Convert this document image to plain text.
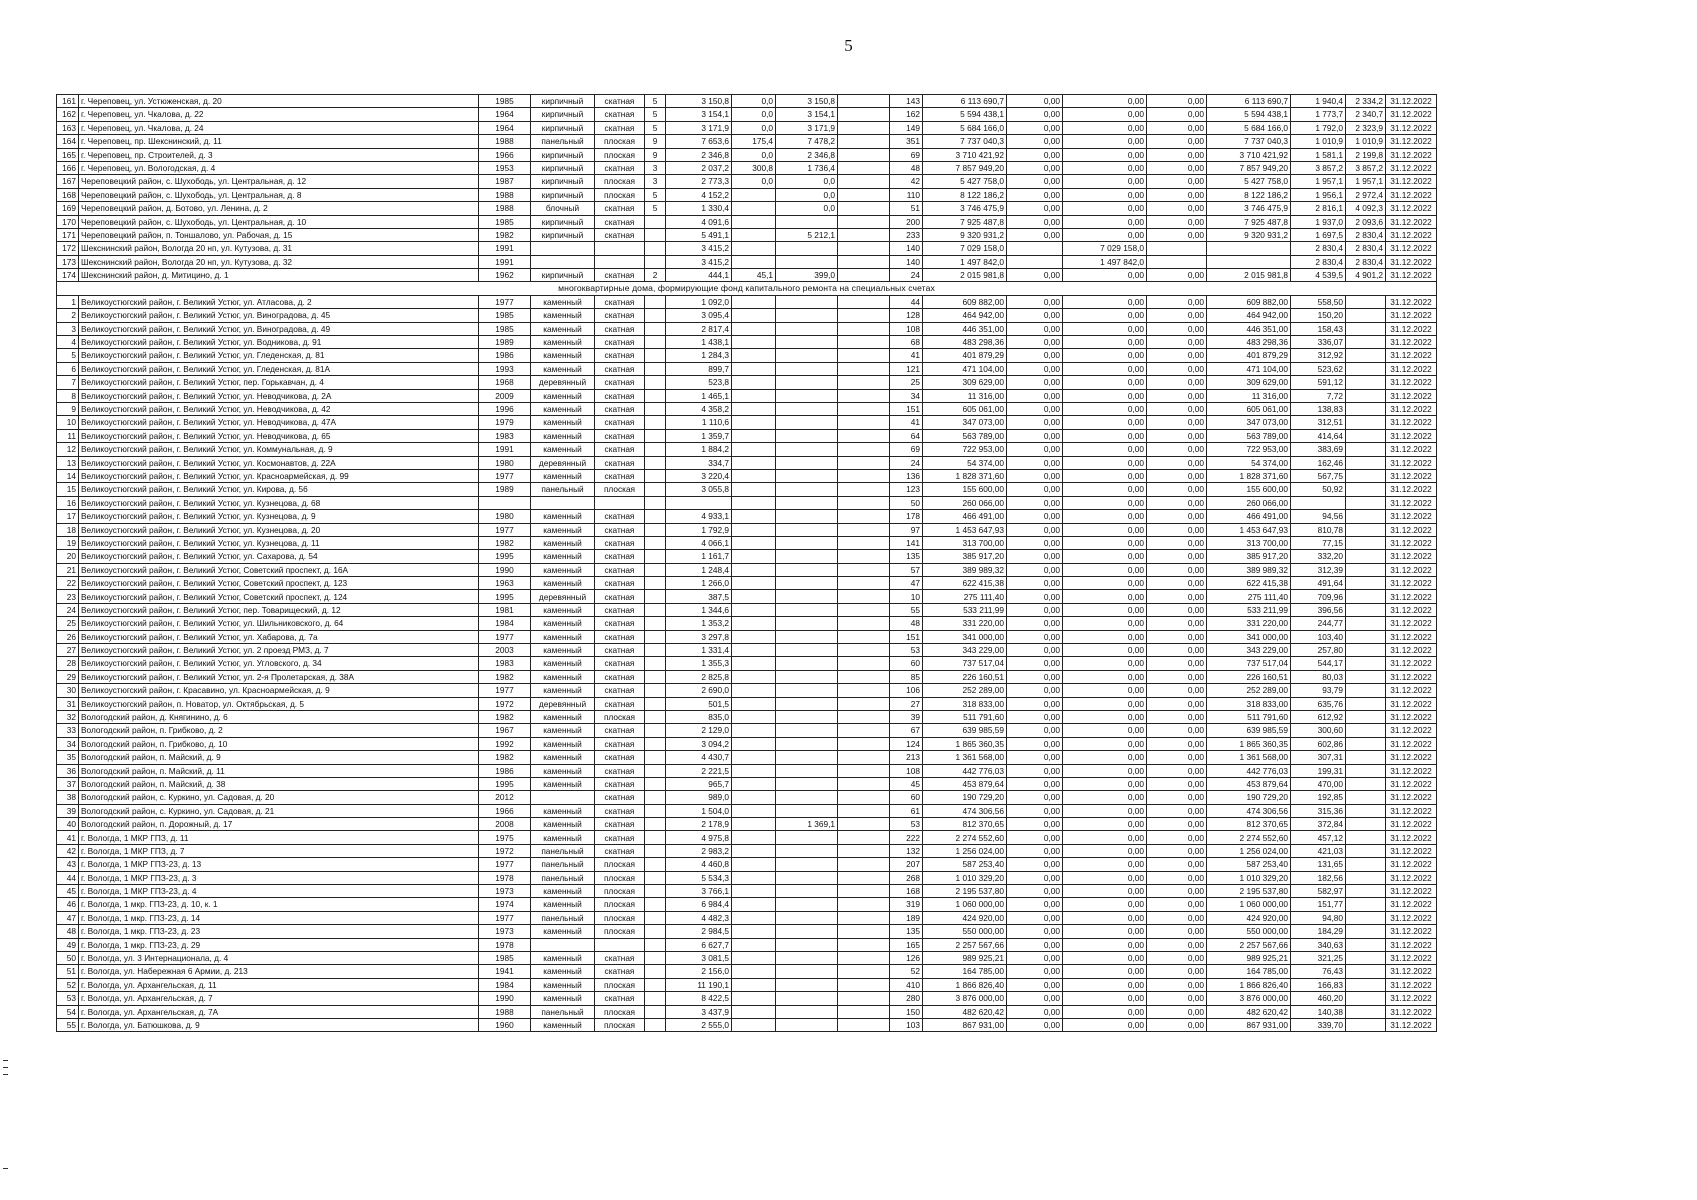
5
161	г. Череповец, ул. Устюженская, д. 20	1985	кирпичный	скатная	5	3 150,8	0,0	3 150,8		143	6 113 690,7	0,00	0,00	0,00	6 113 690,7	1 940,4	2 334,2	31.12.2022
162	г. Череповец, ул. Чкалова, д. 22	1964	кирпичный	скатная	5	3 154,1	0,0	3 154,1		162	5 594 438,1	0,00	0,00	0,00	5 594 438,1	1 773,7	2 340,7	31.12.2022
163	г. Череповец, ул. Чкалова, д. 24	1964	кирпичный	скатная	5	3 171,9	0,0	3 171,9		149	5 684 166,0	0,00	0,00	0,00	5 684 166,0	1 792,0	2 323,9	31.12.2022
164	г. Череповец, пр. Шекснинский, д. 11	1988	панельный	плоская	9	7 653,6	175,4	7 478,2		351	7 737 040,3	0,00	0,00	0,00	7 737 040,3	1 010,9	1 010,9	31.12.2022
165	г. Череповец, пр. Строителей, д. 3	1966	кирпичный	плоская	9	2 346,8	0,0	2 346,8		69	3 710 421,92	0,00	0,00	0,00	3 710 421,92	1 581,1	2 199,8	31.12.2022
166	г. Череповец, ул. Вологодская, д. 4	1953	кирпичный	скатная	3	2 037,2	300,8	1 736,4		48	7 857 949,20	0,00	0,00	0,00	7 857 949,20	3 857,2	3 857,2	31.12.2022
167	Череповецкий район, с. Шухободь, ул. Центральная, д. 12	1987	кирпичный	плоская	3	2 773,3	0,0	0,0		42	5 427 758,0	0,00	0,00	0,00	5 427 758,0	1 957,1	1 957,1	31.12.2022
168	Череповецкий район, с. Шухободь, ул. Центральная, д. 8	1988	кирпичный	плоская	5	4 152,2		0,0		110	8 122 186,2	0,00	0,00	0,00	8 122 186,2	1 956,1	2 972,4	31.12.2022
169	Череповецкий район, д. Ботово, ул. Ленина, д. 2	1988	блочный	скатная	5	1 330,4		0,0		51	3 746 475,9	0,00	0,00	0,00	3 746 475,9	2 816,1	4 092,3	31.12.2022
170	Череповецкий район, с. Шухободь, ул. Центральная, д. 10	1985	кирпичный	скатная		4 091,6				200	7 925 487,8	0,00	0,00	0,00	7 925 487,8	1 937,0	2 093,6	31.12.2022
171	Череповецкий район, п. Тоншалово, ул. Рабочая, д. 15	1982	кирпичный	скатная		5 491,1		5 212,1		233	9 320 931,2	0,00	0,00	0,00	9 320 931,2	1 697,5	2 830,4	31.12.2022
172	Шекснинский район, Вологда 20 нп, ул. Кутузова, д. 31	1991				3 415,2				140	7 029 158,0		7 029 158,0			2 830,4	2 830,4	31.12.2022
173	Шекснинский район, Вологда 20 нп, ул. Кутузова, д. 32	1991				3 415,2				140	1 497 842,0		1 497 842,0			2 830,4	2 830,4	31.12.2022
174	Шекснинский район, д. Митицино, д. 1	1962	кирпичный	скатная	2	444,1	45,1	399,0		24	2 015 981,8	0,00	0,00	0,00	2 015 981,8	4 539,5	4 901,2	31.12.2022
многоквартирные дома, формирующие фонд капитального ремонта на специальных счетах																		
1	Великоустюгский район, г. Великий Устюг, ул. Атласова, д. 2	1977	каменный	скатная		1 092,0				44	609 882,00	0,00	0,00	0,00	609 882,00	558,50		31.12.2022
2	Великоустюгский район, г. Великий Устюг, ул. Виноградова, д. 45	1985	каменный	скатная		3 095,4				128	464 942,00	0,00	0,00	0,00	464 942,00	150,20		31.12.2022
3	Великоустюгский район, г. Великий Устюг, ул. Виноградова, д. 49	1985	каменный	скатная		2 817,4				108	446 351,00	0,00	0,00	0,00	446 351,00	158,43		31.12.2022
4	Великоустюгский район, г. Великий Устюг, ул. Водникова, д. 91	1989	каменный	скатная		1 438,1				68	483 298,36	0,00	0,00	0,00	483 298,36	336,07		31.12.2022
5	Великоустюгский район, г. Великий Устюг, ул. Гледенская, д. 81	1986	каменный	скатная		1 284,3				41	401 879,29	0,00	0,00	0,00	401 879,29	312,92		31.12.2022
6	Великоустюгский район, г. Великий Устюг, ул. Гледенская, д. 81А	1993	каменный	скатная		899,7				121	471 104,00	0,00	0,00	0,00	471 104,00	523,62		31.12.2022
7	Великоустюгский район, г. Великий Устюг, пер. Горькавчан, д. 4	1968	деревянный	скатная		523,8				25	309 629,00	0,00	0,00	0,00	309 629,00	591,12		31.12.2022
8	Великоустюгский район, г. Великий Устюг, ул. Неводчикова, д. 2А	2009	каменный	скатная		1 465,1				34	11 316,00	0,00	0,00	0,00	11 316,00	7,72		31.12.2022
9	Великоустюгский район, г. Великий Устюг, ул. Неводчикова, д. 42	1996	каменный	скатная		4 358,2				151	605 061,00	0,00	0,00	0,00	605 061,00	138,83		31.12.2022
10	Великоустюгский район, г. Великий Устюг, ул. Неводчикова, д. 47А	1979	каменный	скатная		1 110,6				41	347 073,00	0,00	0,00	0,00	347 073,00	312,51		31.12.2022
11	Великоустюгский район, г. Великий Устюг, ул. Неводчикова, д. 65	1983	каменный	скатная		1 359,7				64	563 789,00	0,00	0,00	0,00	563 789,00	414,64		31.12.2022
12	Великоустюгский район, г. Великий Устюг, ул. Коммунальная, д. 9	1991	каменный	скатная		1 884,2				69	722 953,00	0,00	0,00	0,00	722 953,00	383,69		31.12.2022
13	Великоустюгский район, г. Великий Устюг, ул. Космонавтов, д. 22А	1980	деревянный	скатная		334,7				24	54 374,00	0,00	0,00	0,00	54 374,00	162,46		31.12.2022
14	Великоустюгский район, г. Великий Устюг, ул. Красноармейская, д. 99	1977	каменный	скатная		3 220,4				136	1 828 371,60	0,00	0,00	0,00	1 828 371,60	567,75		31.12.2022
15	Великоустюгский район, г. Великий Устюг, ул. Кирова, д. 56	1989	панельный	плоская		3 055,8				123	155 600,00	0,00	0,00	0,00	155 600,00	50,92		31.12.2022
16	Великоустюгский район, г. Великий Устюг, ул. Кузнецова, д. 68									50	260 066,00	0,00	0,00	0,00	260 066,00			31.12.2022
17	Великоустюгский район, г. Великий Устюг, ул. Кузнецова, д. 9	1980	каменный	скатная		4 933,1				178	466 491,00	0,00	0,00	0,00	466 491,00	94,56		31.12.2022
18	Великоустюгский район, г. Великий Устюг, ул. Кузнецова, д. 20	1977	каменный	скатная		1 792,9				97	1 453 647,93	0,00	0,00	0,00	1 453 647,93	810,78		31.12.2022
19	Великоустюгский район, г. Великий Устюг, ул. Кузнецова, д. 11	1982	каменный	скатная		4 066,1				141	313 700,00	0,00	0,00	0,00	313 700,00	77,15		31.12.2022
20	Великоустюгский район, г. Великий Устюг, ул. Сахарова, д. 54	1995	каменный	скатная		1 161,7				135	385 917,20	0,00	0,00	0,00	385 917,20	332,20		31.12.2022
21	Великоустюгский район, г. Великий Устюг, Советский проспект, д. 16А	1990	каменный	скатная		1 248,4				57	389 989,32	0,00	0,00	0,00	389 989,32	312,39		31.12.2022
22	Великоустюгский район, г. Великий Устюг, Советский проспект, д. 123	1963	каменный	скатная		1 266,0				47	622 415,38	0,00	0,00	0,00	622 415,38	491,64		31.12.2022
23	Великоустюгский район, г. Великий Устюг, Советский проспект, д. 124	1995	деревянный	скатная		387,5				10	275 111,40	0,00	0,00	0,00	275 111,40	709,96		31.12.2022
24	Великоустюгский район, г. Великий Устюг, пер. Товарищеский, д. 12	1981	каменный	скатная		1 344,6				55	533 211,99	0,00	0,00	0,00	533 211,99	396,56		31.12.2022
25	Великоустюгский район, г. Великий Устюг, ул. Шильниковского, д. 64	1984	каменный	скатная		1 353,2				48	331 220,00	0,00	0,00	0,00	331 220,00	244,77		31.12.2022
26	Великоустюгский район, г. Великий Устюг, ул. Хабарова, д. 7а	1977	каменный	скатная		3 297,8				151	341 000,00	0,00	0,00	0,00	341 000,00	103,40		31.12.2022
27	Великоустюгский район, г. Великий Устюг, ул. 2 проезд РМЗ, д. 7	2003	каменный	скатная		1 331,4				53	343 229,00	0,00	0,00	0,00	343 229,00	257,80		31.12.2022
28	Великоустюгский район, г. Великий Устюг, ул. Угловского, д. 34	1983	каменный	скатная		1 355,3				60	737 517,04	0,00	0,00	0,00	737 517,04	544,17		31.12.2022
29	Великоустюгский район, г. Великий Устюг, ул. 2-я Пролетарская, д. 38А	1982	каменный	скатная		2 825,8				85	226 160,51	0,00	0,00	0,00	226 160,51	80,03		31.12.2022
30	Великоустюгский район, г. Красавино, ул. Красноармейская, д. 9	1977	каменный	скатная		2 690,0				106	252 289,00	0,00	0,00	0,00	252 289,00	93,79		31.12.2022
31	Великоустюгский район, п. Новатор, ул. Октябрьская, д. 5	1972	деревянный	скатная		501,5				27	318 833,00	0,00	0,00	0,00	318 833,00	635,76		31.12.2022
32	Вологодский район, д. Княгинино, д. 6	1982	каменный	плоская		835,0				39	511 791,60	0,00	0,00	0,00	511 791,60	612,92		31.12.2022
33	Вологодский район, п. Грибково, д. 2	1967	каменный	скатная		2 129,0				67	639 985,59	0,00	0,00	0,00	639 985,59	300,60		31.12.2022
34	Вологодский район, п. Грибково, д. 10	1992	каменный	скатная		3 094,2				124	1 865 360,35	0,00	0,00	0,00	1 865 360,35	602,86		31.12.2022
35	Вологодский район, п. Майский, д. 9	1982	каменный	скатная		4 430,7				213	1 361 568,00	0,00	0,00	0,00	1 361 568,00	307,31		31.12.2022
36	Вологодский район, п. Майский, д. 11	1986	каменный	скатная		2 221,5				108	442 776,03	0,00	0,00	0,00	442 776,03	199,31		31.12.2022
37	Вологодский район, п. Майский, д. 38	1995	каменный	скатная		965,7				45	453 879,64	0,00	0,00	0,00	453 879,64	470,00		31.12.2022
38	Вологодский район, с. Куркино, ул. Садовая, д. 20	2012		скатная		989,0				60	190 729,20	0,00	0,00	0,00	190 729,20	192,85		31.12.2022
39	Вологодский район, с. Куркино, ул. Садовая, д. 21	1966	каменный	скатная		1 504,0				61	474 306,56	0,00	0,00	0,00	474 306,56	315,36		31.12.2022
40	Вологодский район, п. Дорожный, д. 17	2008	каменный	скатная		2 178,9		1 369,1		53	812 370,65	0,00	0,00	0,00	812 370,65	372,84		31.12.2022
41	г. Вологда, 1 МКР ГПЗ, д. 11	1975	каменный	скатная		4 975,8				222	2 274 552,60	0,00	0,00	0,00	2 274 552,60	457,12		31.12.2022
42	г. Вологда, 1 МКР ГПЗ, д. 7	1972	панельный	скатная		2 983,2				132	1 256 024,00	0,00	0,00	0,00	1 256 024,00	421,03		31.12.2022
43	г. Вологда, 1 МКР ГПЗ-23, д. 13	1977	панельный	плоская		4 460,8				207	587 253,40	0,00	0,00	0,00	587 253,40	131,65		31.12.2022
44	г. Вологда, 1 МКР ГПЗ-23, д. 3	1978	панельный	плоская		5 534,3				268	1 010 329,20	0,00	0,00	0,00	1 010 329,20	182,56		31.12.2022
45	г. Вологда, 1 МКР ГПЗ-23, д. 4	1973	каменный	плоская		3 766,1				168	2 195 537,80	0,00	0,00	0,00	2 195 537,80	582,97		31.12.2022
46	г. Вологда, 1 мкр. ГПЗ-23, д. 10, к. 1	1974	каменный	плоская		6 984,4				319	1 060 000,00	0,00	0,00	0,00	1 060 000,00	151,77		31.12.2022
47	г. Вологда, 1 мкр. ГПЗ-23, д. 14	1977	панельный	плоская		4 482,3				189	424 920,00	0,00	0,00	0,00	424 920,00	94,80		31.12.2022
48	г. Вологда, 1 мкр. ГПЗ-23, д. 23	1973	каменный	плоская		2 984,5				135	550 000,00	0,00	0,00	0,00	550 000,00	184,29		31.12.2022
49	г. Вологда, 1 мкр. ГПЗ-23, д. 29	1978				6 627,7				165	2 257 567,66	0,00	0,00	0,00	2 257 567,66	340,63		31.12.2022
50	г. Вологда, ул. 3 Интернационала, д. 4	1985	каменный	скатная		3 081,5				126	989 925,21	0,00	0,00	0,00	989 925,21	321,25		31.12.2022
51	г. Вологда, ул. Набережная 6 Армии, д. 213	1941	каменный	скатная		2 156,0				52	164 785,00	0,00	0,00	0,00	164 785,00	76,43		31.12.2022
52	г. Вологда, ул. Архангельская, д. 11	1984	каменный	плоская		11 190,1				410	1 866 826,40	0,00	0,00	0,00	1 866 826,40	166,83		31.12.2022
53	г. Вологда, ул. Архангельская, д. 7	1990	каменный	скатная		8 422,5				280	3 876 000,00	0,00	0,00	0,00	3 876 000,00	460,20		31.12.2022
54	г. Вологда, ул. Архангельская, д. 7А	1988	панельный	плоская		3 437,9				150	482 620,42	0,00	0,00	0,00	482 620,42	140,38		31.12.2022
55	г. Вологда, ул. Батюшкова, д. 9	1960	каменный	плоская		2 555,0				103	867 931,00	0,00	0,00	0,00	867 931,00	339,70		31.12.2022
